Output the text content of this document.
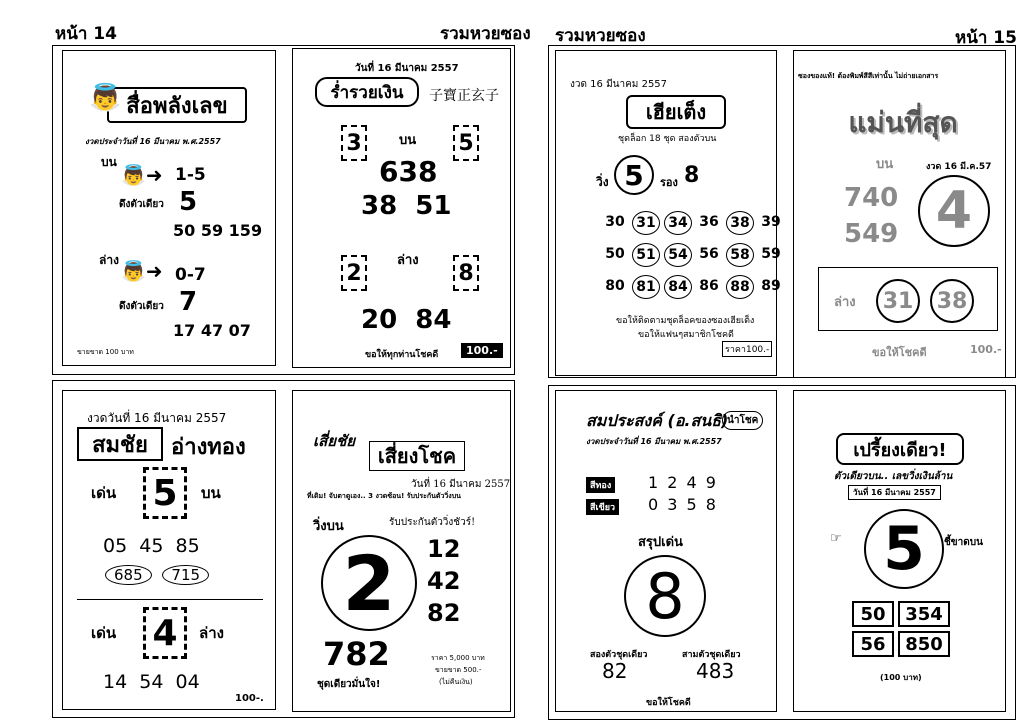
หน้า 14	รวมหวยซอง รวมหวยซอง	หน้า 15
สื่อพลังเลข
👼
งวดประจำวันที่ 16 มีนาคม พ.ศ.2557
บน
👼➜ 1-5
ดึงตัวเดียว 5
50 59 159
ล่าง 👼➜ 0-7
ดึงตัวเดียว 7
17 47 07
ขายขาด 100 บาท
วันที่ 16 มีนาคม 2557
ร่ำรวยเงิน	子寶正玄子
3	บน 5
638
38  51
2	ล่าง 8
20  84
ขอให้ทุกท่านโชคดี	100.-
งวด 16 มีนาคม 2557
เฮียเต็ง
ชุดล็อก 18 ชุด สองตัวบน
วิ่ง 5	รอง 8
30 31 34 36 38 39
50 51 54 56 58 59
80 81 84 86 88 89
ขอให้ติดตามชุดล็อคของซองเฮียเต็ง
ขอให้แฟนๆสมาชิกโชคดี
ราคา100.-
ซองของแท้! ต้องพิมพ์สีสีเท่านั้น ไม่ถ่ายเอกสาร
แม่นที่สุด
บน	งวด 16 มี.ค.57
740
549 4
ล่าง	31	38
ขอให้โชคดี	100.-
งวดวันที่ 16 มีนาคม 2557
สมชัย	อ่างทอง
เด่น 5	บน
05  45  85
685 715
เด่น 4	ล่าง
14  54  04
100-.
เสี่ยชัย
เสี่ยงโชค
วันที่ 16 มีนาคม 2557
ที่เดิม! จับตาดูเอง.. 3 งวดซ้อน! รับประกันตัววิ่งบน
วิ่งบน	รับประกันตัววิ่งชัวร์!
2	12
42
82
782
ชุดเดียวมั่นใจ!
ราคา 5,000 บาท
ขายขาด 500.-
(ไม่คืนเงิน)
สมประสงค์ (อ.สนธิ)
นำโชค
งวดประจำวันที่ 16 มีนาคม พ.ศ.2557
สีทอง 1 2 4 9
สีเขียว 0 3 5 8
สรุปเด่น
8
สองตัวชุดเดียว
82
สามตัวชุดเดียว
483
ขอให้โชคดี
เปรี้ยงเดียว!
ตัวเดียวบน.. เลขวิ่งเงินล้าน
วันที่ 16 มีนาคม 2557
☞ 5	ชี้ขาดบน
50	354
56	850
(100 บาท)
